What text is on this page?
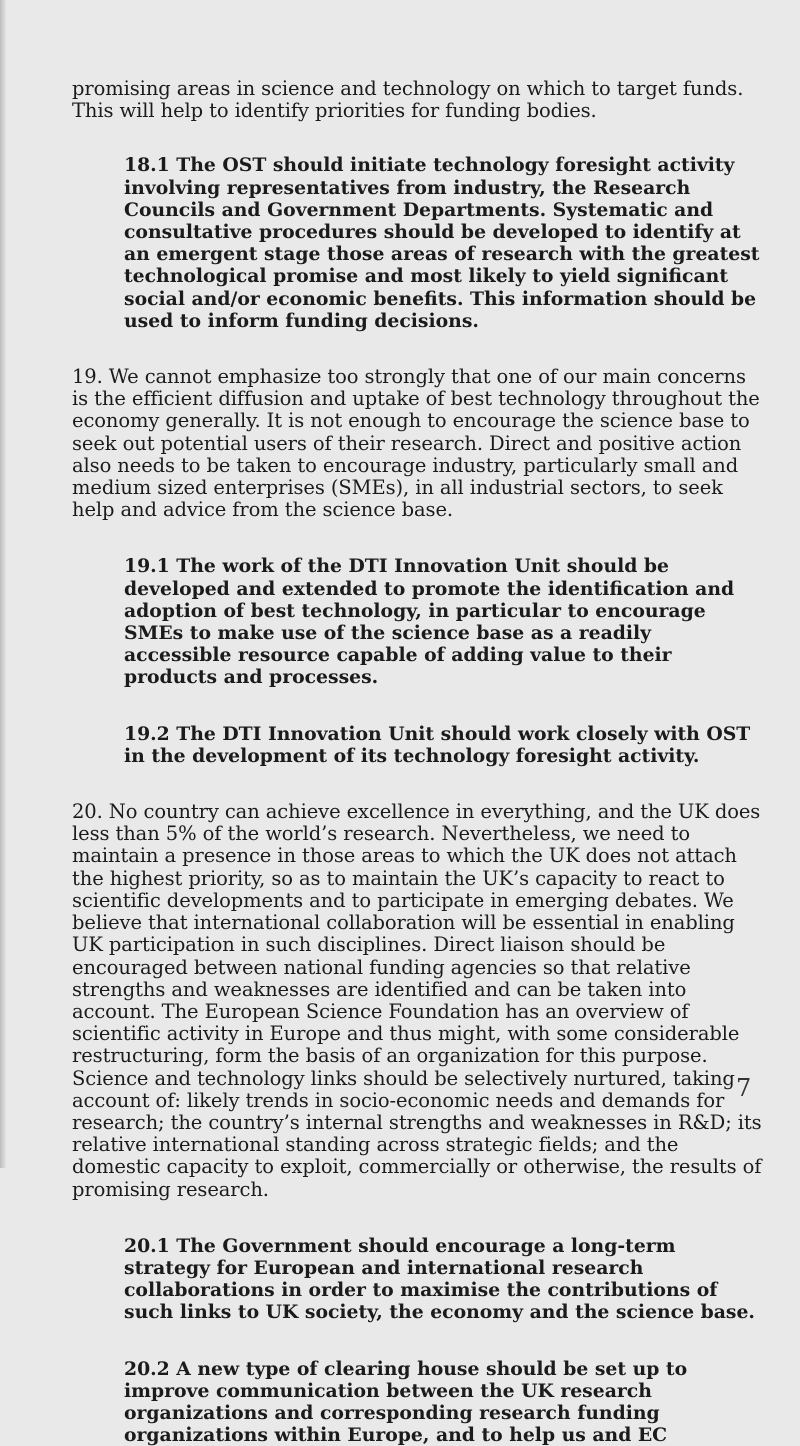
promising areas in science and technology on which to target funds. This will help to identify priorities for funding bodies.

18.1 The OST should initiate technology foresight activity involving representatives from industry, the Research Councils and Government Departments. Systematic and consultative procedures should be developed to identify at an emergent stage those areas of research with the greatest technological promise and most likely to yield significant social and/or economic benefits. This information should be used to inform funding decisions.

19. We cannot emphasize too strongly that one of our main concerns is the efficient diffusion and uptake of best technology throughout the economy generally. It is not enough to encourage the science base to seek out potential users of their research. Direct and positive action also needs to be taken to encourage industry, particularly small and medium sized enterprises (SMEs), in all industrial sectors, to seek help and advice from the science base.

19.1 The work of the DTI Innovation Unit should be developed and extended to promote the identification and adoption of best technology, in particular to encourage SMEs to make use of the science base as a readily accessible resource capable of adding value to their products and processes.

19.2 The DTI Innovation Unit should work closely with OST in the development of its technology foresight activity.

20. No country can achieve excellence in everything, and the UK does less than 5% of the world’s research. Nevertheless, we need to maintain a presence in those areas to which the UK does not attach the highest priority, so as to maintain the UK’s capacity to react to scientific developments and to participate in emerging debates. We believe that international collaboration will be essential in enabling UK participation in such disciplines. Direct liaison should be encouraged between national funding agencies so that relative strengths and weaknesses are identified and can be taken into account. The European Science Foundation has an overview of scientific activity in Europe and thus might, with some considerable restructuring, form the basis of an organization for this purpose. Science and technology links should be selectively nurtured, taking account of: likely trends in socio-economic needs and demands for research; the country’s internal strengths and weaknesses in R&D; its relative international standing across strategic fields; and the domestic capacity to exploit, commercially or otherwise, the results of promising research.

20.1 The Government should encourage a long-term strategy for European and international research collaborations in order to maximise the contributions of such links to UK society, the economy and the science base.

20.2 A new type of clearing house should be set up to improve communication between the UK research organizations and corresponding research funding organizations within Europe, and to help us and EC

7
